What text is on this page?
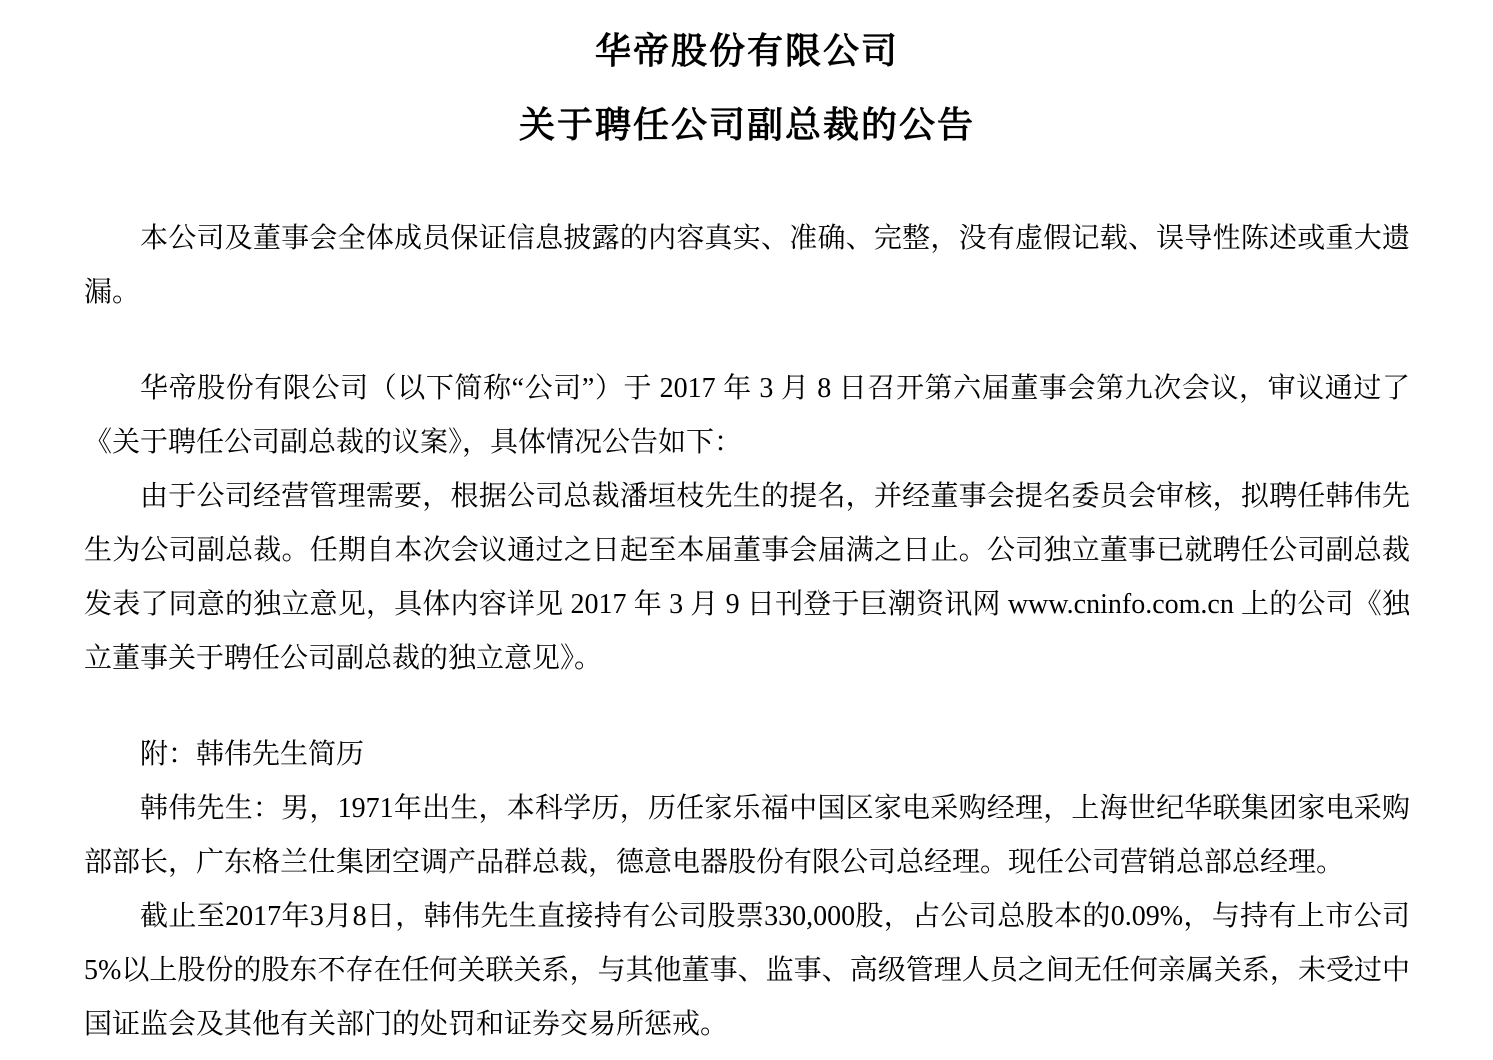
华帝股份有限公司
关于聘任公司副总裁的公告

本公司及董事会全体成员保证信息披露的内容真实、准确、完整，没有虚假记载、误导性陈述或重大遗漏。

华帝股份有限公司（以下简称“公司”）于 2017 年 3 月 8 日召开第六届董事会第九次会议，审议通过了《关于聘任公司副总裁的议案》，具体情况公告如下：

由于公司经营管理需要，根据公司总裁潘垣枝先生的提名，并经董事会提名委员会审核，拟聘任韩伟先生为公司副总裁。任期自本次会议通过之日起至本届董事会届满之日止。公司独立董事已就聘任公司副总裁发表了同意的独立意见，具体内容详见 2017 年 3 月 9 日刊登于巨潮资讯网 www.cninfo.com.cn 上的公司《独立董事关于聘任公司副总裁的独立意见》。

附：韩伟先生简历

韩伟先生：男，1971年出生，本科学历，历任家乐福中国区家电采购经理，上海世纪华联集团家电采购部部长，广东格兰仕集团空调产品群总裁，德意电器股份有限公司总经理。现任公司营销总部总经理。

截止至2017年3月8日，韩伟先生直接持有公司股票330,000股，占公司总股本的0.09%，与持有上市公司5%以上股份的股东不存在任何关联关系，与其他董事、监事、高级管理人员之间无任何亲属关系，未受过中国证监会及其他有关部门的处罚和证券交易所惩戒。
